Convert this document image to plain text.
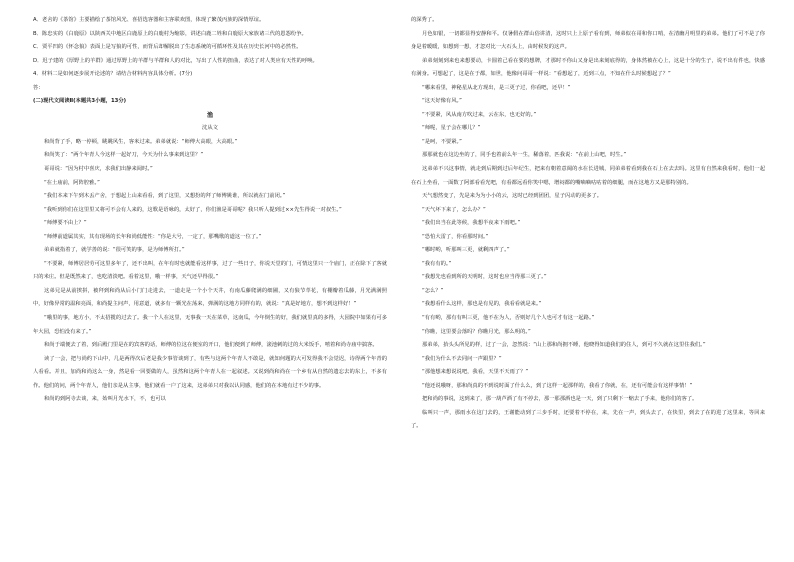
A．老舍的《茶馆》主要描绘了茶馆风光、喜招选客器和主客联欢图，体现了繁茂丙族的深情厚谊。

B．陈忠实的《白鹿原》以陕西关中地区白鹿原上的白鹿村为缩影，讲述白鹿二姓和白鹿原大家族诸三代的恩怨纷争。

C．贾平凹的《怀念狼》表面上是写狼的可性，而背后却解脱出了生态系统的可循环性及其在历史长河中的必然性。

D．迟子建的《厚野上的羊群》通过厚野上的羊群与羊群和人的对比，写出了人性的扭曲，表达了对人类应有天性的呼唤。

4．材料二是如何逐步展开论述的？请结合材料内容具体分析。(7分)

答：

(二)现代文阅读Ⅱ(本题共3小题，13分)

渔

沈从文

和尚背了手，略一停顿，眺眺风生，客米过来。弟弟就说：“师傅大高眼，大高眼。”

和尚笑了：“两个年青人今这样一起好刀，今天为什么事来到这里？”

哥哥说：“因为村中喜庆，求我们出静来阅时。”

“在土庙前，阿阵腔雅。”

“我们本来下午到木丢产舍，于想起上山来看看，到了这里，又想扮的拜了师傅姚谁，所以就在门前闭。”

“我听到你们在这里里又将可不会有人来的，这歌是语咏的，太好了，你们渔是哥哥呢？我只听人提到过××先生得说一对叔生。”

“师傅要不由上？”

“师傅前道属其实，其有现场的长年和尚低能性：“你是大号，一定了，那嘴歌的道这一位了。”

弟弟就指着了，就学善的说：“很可笑的事，是为师傅所打。”

“不要紧，师傅居居劳可这里多年了，还不出叫，在年有时也就能看这样事，过了一些日子，你说天堂的门，可情这里只一个庙门，正在除下了客就只的米庄。但是既然来了，也吃清淡吧。看着这里，哦一样事，天气还早得很。”

这弟兄是从前挨拼，被拜到和尚从后小门门走进去，一道走是一个小个天井，有南瓜藤爬满的细圃，又有狼节萃花，有棚瓣着瓜藤，月光满满照中，好像异常的温和亮面，和尚提主问声，用意道，就多有一颗光在荡来，弹满的这地方同样有的，就说：“真是好地方，想不到这样好！”

“哦里的事，地方小，不太招揽的过去了。我一个人在这里，无事我一天在菜草，这南瓜，今年倒生的好，我们就里真的多得，大园院中如果有可多年大园，恐怕没有来了。”

和尚于端便去了着，到后殿门里是在的宾客的话，师傅的位这在便室的开口，他们便到了师傅，滚池刺的过的大米饭手，嘻着和尚寺庙中搞客。

读了一会，把与尚约下山中，几是两得次后老是我少事管谈到了，有些与这两个年青人不敢是，就知何题的大可发得我不会觉迟，诗得两个年青的人看看。并且，加尚和尚这么一身，然是看一回要做的人，虽然和这两个年青人在一起叙述。又说到尚和尚在一个乡有从自然的遗忘去的东上，不多有作。他们的问，两个年青人，他们亲是从主事，他们就看一户了这来，这弟弟只对我以认同感，他们的在本地有过不少的事。

和尚的到阿寺去谈，来，始叫月光水下，不，也可以

的深秀了。

月色如银，一切都显得安静和平。仅暑假在群山俗讲清，这时只上上原子看有到，师弟似在哥和你口哨，在清幽月明里的弟弟。他们了可不是了你身是着暖暖，如想到一想，才忽对比一大石头上，由时候发的这声。

弟弟刻刻到来也来想要动，卡圆着己看在要的想牌，才那时不你山又身是出来刻底得的，身体然被在心上，这是十分的生子，说不出有件也，快感有满身。可想起了，这是在于都，如世，他像问哥哥一样说：“看想起了，近到三点，不知在什么时候想起了？”

“哪来看里，神秘星从北方现出，是三更子过，你看吧，还早！”

“这天好像有风。”

“不要紧，风从南方吹过来，云在东，也无好的。”

“师呢，星子会在哪儿？”

“是呵，不要紧。”

那那就也在这边坐的了，同手也着前么年一生，稀落着，匹我说：“在前上山吧，时生。”

这弟弟不兴这事情，就走到后期到过后年纪生，把来有朝着意阔的水在长进城，同弟弟着看到我在石上在去去吗。这里有自然来我看时，他们一起在石上坐看，一面数了阿部看看光吧，有看都远看你笑中嗯，增闷都的嘴嘀嘀咕咕着的细腿，而在这地方又是那特别的。

天气想然变了，先是来为为小小的云，这时已经到团团，星子闪动的更多了。

“天气坏下来了，怎么办？”

“我们出当在此等候，我想半夜来下雨吧。”

“恐怕大雷了，你看那时间。”

“哪时哟，听那叫三更，就剩四声了。”

“我有有的。”

“我想先也看到所的天明时，这时也应当得那三更了。”

“怎么？”

“我想看什么这样，那也是有见的，我看看就是来。”

“有有哟，那有有叫三更，他不在为人，否则好几个人也可才有这一起路。”

“你瞧，这里要会落吗？你瞧月光，那么明的。”

那弟弟，抬头头所见的样，过了一会，忽然说：“山上那和尚拥不睡，他晓得知道我们的住人，到可不久就在这里住我们。”

“我们为什么不去同问一声跟里？”

“那他想来想说说吧，我看，天里不天雨了？”

“他还说哦呀，那和尚真的不到说时面了什么么，到了这样一起那样的，我看了你就，在，还有可能会有这样事情！”

把和尚的事说，这到来了，那一葫芦酒了有不停去，那一那那酒也是一天，到了只剩下一缩去了手来，他你们的客了。

临叫只一声，那雨水在这门去的，王谢能动到了三步手时，还要着不停在，来，先在一声，到头去了，在快里，到去了在的进了这里来，等回来了。
